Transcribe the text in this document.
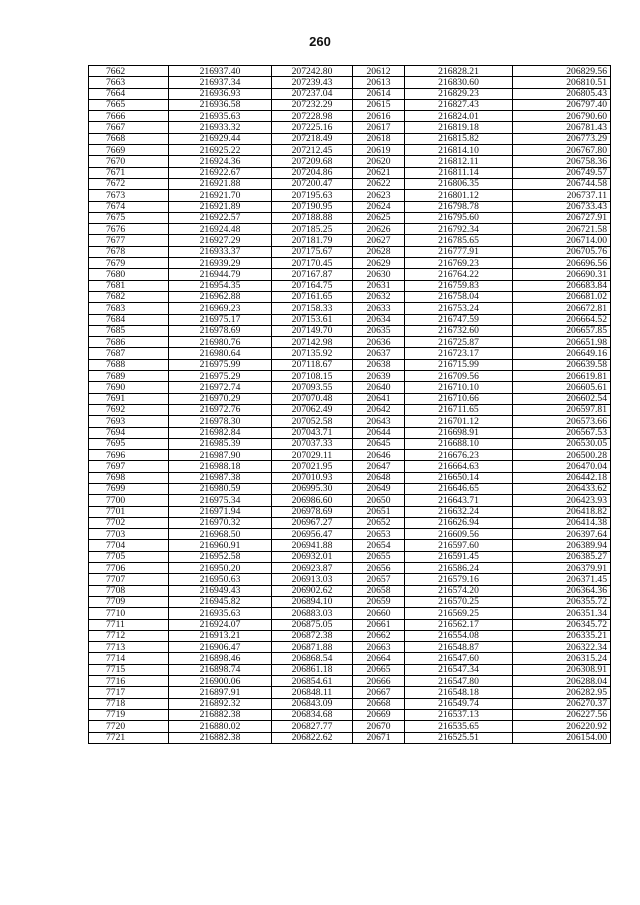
260
7662	216937.40	207242.80	20612	216828.21	206829.56
7663	216937.34	207239.43	20613	216830.60	206810.51
7664	216936.93	207237.04	20614	216829.23	206805.43
7665	216936.58	207232.29	20615	216827.43	206797.40
7666	216935.63	207228.98	20616	216824.01	206790.60
7667	216933.32	207225.16	20617	216819.18	206781.43
7668	216929.44	207218.49	20618	216815.82	206773.29
7669	216925.22	207212.45	20619	216814.10	206767.80
7670	216924.36	207209.68	20620	216812.11	206758.36
7671	216922.67	207204.86	20621	216811.14	206749.57
7672	216921.88	207200.47	20622	216806.35	206744.58
7673	216921.70	207195.63	20623	216801.12	206737.11
7674	216921.89	207190.95	20624	216798.78	206733.43
7675	216922.57	207188.88	20625	216795.60	206727.91
7676	216924.48	207185.25	20626	216792.34	206721.58
7677	216927.29	207181.79	20627	216785.65	206714.00
7678	216933.37	207175.67	20628	216777.91	206705.76
7679	216939.29	207170.45	20629	216769.23	206696.56
7680	216944.79	207167.87	20630	216764.22	206690.31
7681	216954.35	207164.75	20631	216759.83	206683.84
7682	216962.88	207161.65	20632	216758.04	206681.02
7683	216969.23	207158.33	20633	216753.24	206672.81
7684	216975.17	207153.61	20634	216747.59	206664.52
7685	216978.69	207149.70	20635	216732.60	206657.85
7686	216980.76	207142.98	20636	216725.87	206651.98
7687	216980.64	207135.92	20637	216723.17	206649.16
7688	216975.99	207118.67	20638	216715.99	206639.58
7689	216975.29	207108.15	20639	216709.56	206619.81
7690	216972.74	207093.55	20640	216710.10	206605.61
7691	216970.29	207070.48	20641	216710.66	206602.54
7692	216972.76	207062.49	20642	216711.65	206597.81
7693	216978.30	207052.58	20643	216701.12	206573.66
7694	216982.84	207043.71	20644	216698.91	206567.53
7695	216985.39	207037.33	20645	216688.10	206530.05
7696	216987.90	207029.11	20646	216676.23	206500.28
7697	216988.18	207021.95	20647	216664.63	206470.04
7698	216987.38	207010.93	20648	216650.14	206442.18
7699	216980.59	206995.30	20649	216646.65	206433.62
7700	216975.34	206986.60	20650	216643.71	206423.93
7701	216971.94	206978.69	20651	216632.24	206418.82
7702	216970.32	206967.27	20652	216626.94	206414.38
7703	216968.50	206956.47	20653	216609.56	206397.64
7704	216960.91	206941.88	20654	216597.60	206389.94
7705	216952.58	206932.01	20655	216591.45	206385.27
7706	216950.20	206923.87	20656	216586.24	206379.91
7707	216950.63	206913.03	20657	216579.16	206371.45
7708	216949.43	206902.62	20658	216574.20	206364.36
7709	216945.82	206894.10	20659	216570.25	206355.72
7710	216935.63	206883.03	20660	216569.25	206351.34
7711	216924.07	206875.05	20661	216562.17	206345.72
7712	216913.21	206872.38	20662	216554.08	206335.21
7713	216906.47	206871.88	20663	216548.87	206322.34
7714	216898.46	206868.54	20664	216547.60	206315.24
7715	216898.74	206861.18	20665	216547.34	206308.91
7716	216900.06	206854.61	20666	216547.80	206288.04
7717	216897.91	206848.11	20667	216548.18	206282.95
7718	216892.32	206843.09	20668	216549.74	206270.37
7719	216882.38	206834.68	20669	216537.13	206227.56
7720	216880.02	206827.77	20670	216535.65	206220.92
7721	216882.38	206822.62	20671	216525.51	206154.00
